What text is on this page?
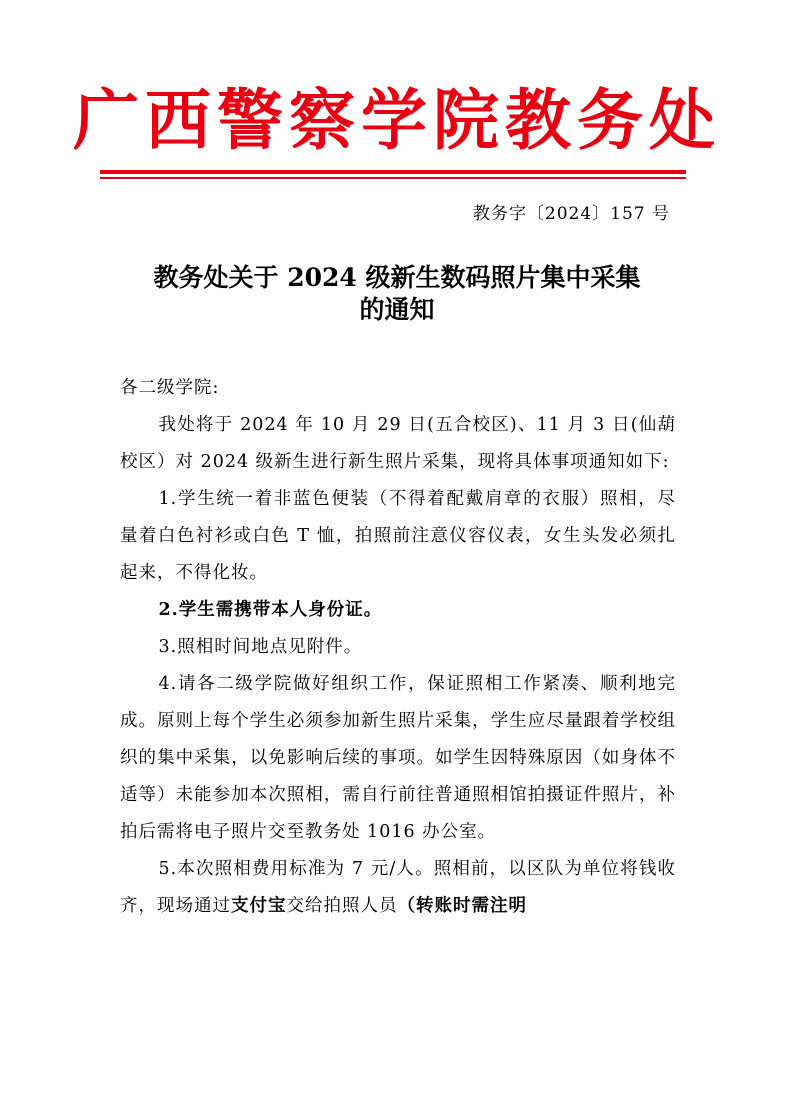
广西警察学院教务处
教务字〔2024〕157 号
教务处关于 2024 级新生数码照片集中采集
的通知

各二级学院:

我处将于 2024 年 10 月 29 日(五合校区)、11 月 3 日(仙葫校区）对 2024 级新生进行新生照片采集，现将具体事项通知如下:

1.学生统一着非蓝色便装（不得着配戴肩章的衣服）照相，尽量着白色衬衫或白色 T 恤，拍照前注意仪容仪表，女生头发必须扎起来，不得化妆。

2.学生需携带本人身份证。

3.照相时间地点见附件。

4.请各二级学院做好组织工作，保证照相工作紧凑、顺利地完成。原则上每个学生必须参加新生照片采集，学生应尽量跟着学校组织的集中采集，以免影响后续的事项。如学生因特殊原因（如身体不适等）未能参加本次照相，需自行前往普通照相馆拍摄证件照片，补拍后需将电子照片交至教务处 1016 办公室。

5.本次照相费用标准为 7 元/人。照相前，以区队为单位将钱收齐，现场通过支付宝交给拍照人员（转账时需注明
